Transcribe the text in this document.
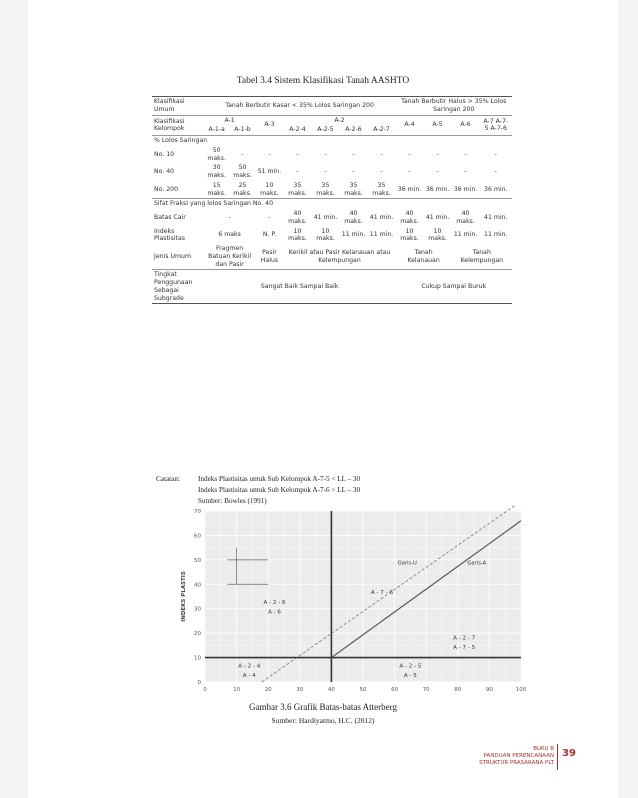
Tabel 3.4 Sistem Klasifikasi Tanah AASHTO
Klasifikasi Umum	Tanah Berbutir Kasar < 35% Lolos Saringan 200							Tanah Berbutir Halus > 35% Lolos Saringan 200			
Klasifikasi Kelompok	A-1		A-3	A-2				A-4	A-5	A-6	A-7 A-7-5 A-7-6
	A-1-a	A-1-b		A-2-4	A-2-5	A-2-6	A-2-7				
% Lolos Saringan											
No. 10	50 maks.	-	-	-	-	-	-	-	-	-	-
No. 40	30 maks.	50 maks.	51 min.	-	-	-	-	-	-	-	-
No. 200	15 maks.	25 maks.	10 maks.	35 maks.	35 maks.	35 maks.	35 maks.	36 min.	36 min.	36 min.	36 min.
Sifat Fraksi yang lolos Saringan No. 40											
Batas Cair	-		-	40 maks.	41 min.	40 maks.	41 min.	40 maks.	41 min.	40 maks.	41 min.
Indeks Plastisitas	6 maks		N. P.	10 maks.	10 maks.	11 min.	11 min.	10 maks.	10 maks.	11 min.	11 min.
Jenis Umum	Fragmen Batuan Kerikil dan Pasir		Pasir Halus	Kerikil atau Pasir Kelanauan atau Kelempungan				Tanah Kelanauan		Tanah Kelempungan	
Tingkat Penggunaan Sebagai Subgrade	Sangat Baik Sampai Baik							Cukup Sampai Buruk			
Catatan:	Indeks Plastisitas untuk Sub Kelompok A-7-5 < LL – 30
Indeks Plastisitas untuk Sub Kelompok A-7-6 > LL – 30
Sumber: Bowles (1991)
0	10	20	30	40	50	60	70	80	90	100
0
10
20
30
40
50
60
70
INDEKS PLASTIS	A - 2 - 6
A - 6
A - 7 - 6
A - 2 - 7
A - 7 - 5
A - 2 - 4
A - 4
A - 2 - 5
A - 5
Garis-U	Garis-A
Gambar 3.6 Grafik Batas-batas Atterberg
Sumber: Hardiyatmo, H.C. (2012)
BUKU B
PANDUAN PERENCANAAN
STRUKTUR PRASARANA PLT
39
